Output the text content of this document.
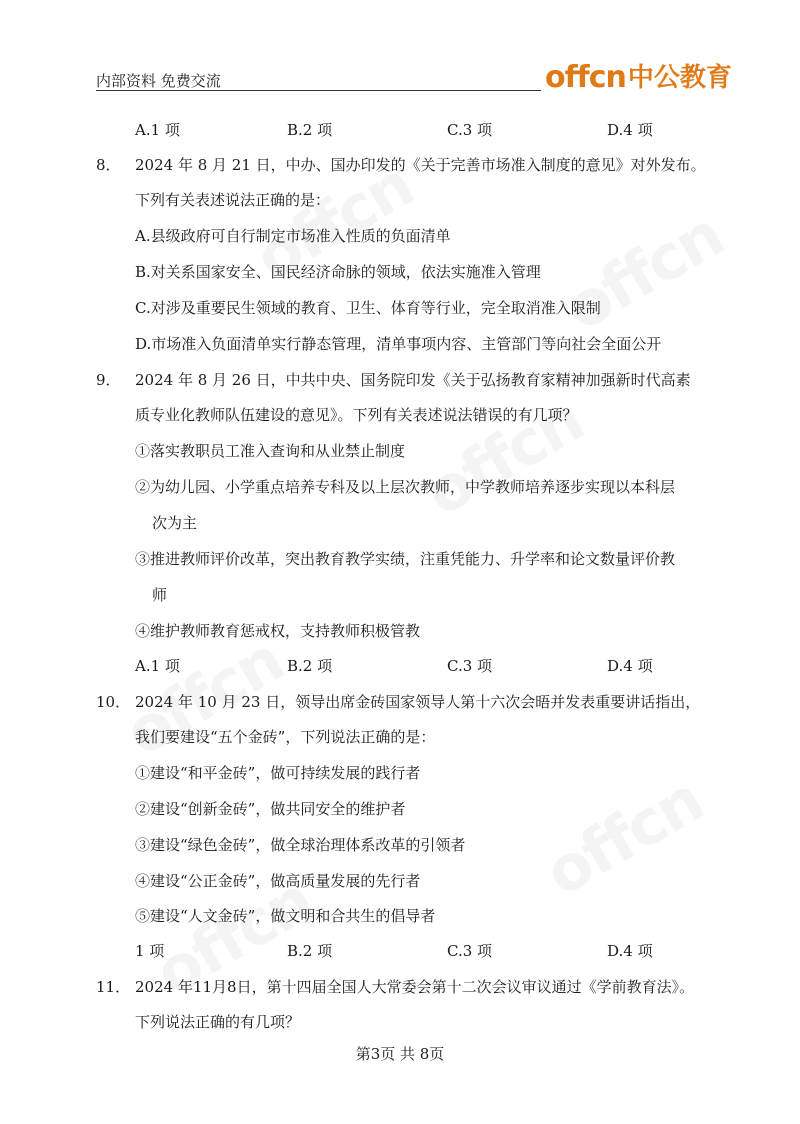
内部资料 免费交流	offcn 中公教育
A.1 项	B.2 项	C.3 项	D.4 项
8． 2024 年 8 月 21 日，中办、国办印发的《关于完善市场准入制度的意见》对外发布。
下列有关表述说法正确的是：
A.县级政府可自行制定市场准入性质的负面清单
B.对关系国家安全、国民经济命脉的领域，依法实施准入管理
C.对涉及重要民生领域的教育、卫生、体育等行业，完全取消准入限制
D.市场准入负面清单实行静态管理，清单事项内容、主管部门等向社会全面公开
9． 2024 年 8 月 26 日，中共中央、国务院印发《关于弘扬教育家精神加强新时代高素
质专业化教师队伍建设的意见》。下列有关表述说法错误的有几项？
①落实教职员工准入查询和从业禁止制度
②为幼儿园、小学重点培养专科及以上层次教师，中学教师培养逐步实现以本科层
次为主
③推进教师评价改革，突出教育教学实绩，注重凭能力、升学率和论文数量评价教
师
④维护教师教育惩戒权，支持教师积极管教
A.1 项	B.2 项	C.3 项	D.4 项
10． 2024 年 10 月 23 日，领导出席金砖国家领导人第十六次会晤并发表重要讲话指出，
我们要建设“五个金砖”，下列说法正确的是：
①建设“和平金砖”，做可持续发展的践行者
②建设“创新金砖”，做共同安全的维护者
③建设“绿色金砖”，做全球治理体系改革的引领者
④建设“公正金砖”，做高质量发展的先行者
⑤建设“人文金砖”，做文明和合共生的倡导者
1 项	B.2 项	C.3 项	D.4 项
11． 2024 年11月8日，第十四届全国人大常委会第十二次会议审议通过《学前教育法》。
下列说法正确的有几项？
第3页 共 8页
